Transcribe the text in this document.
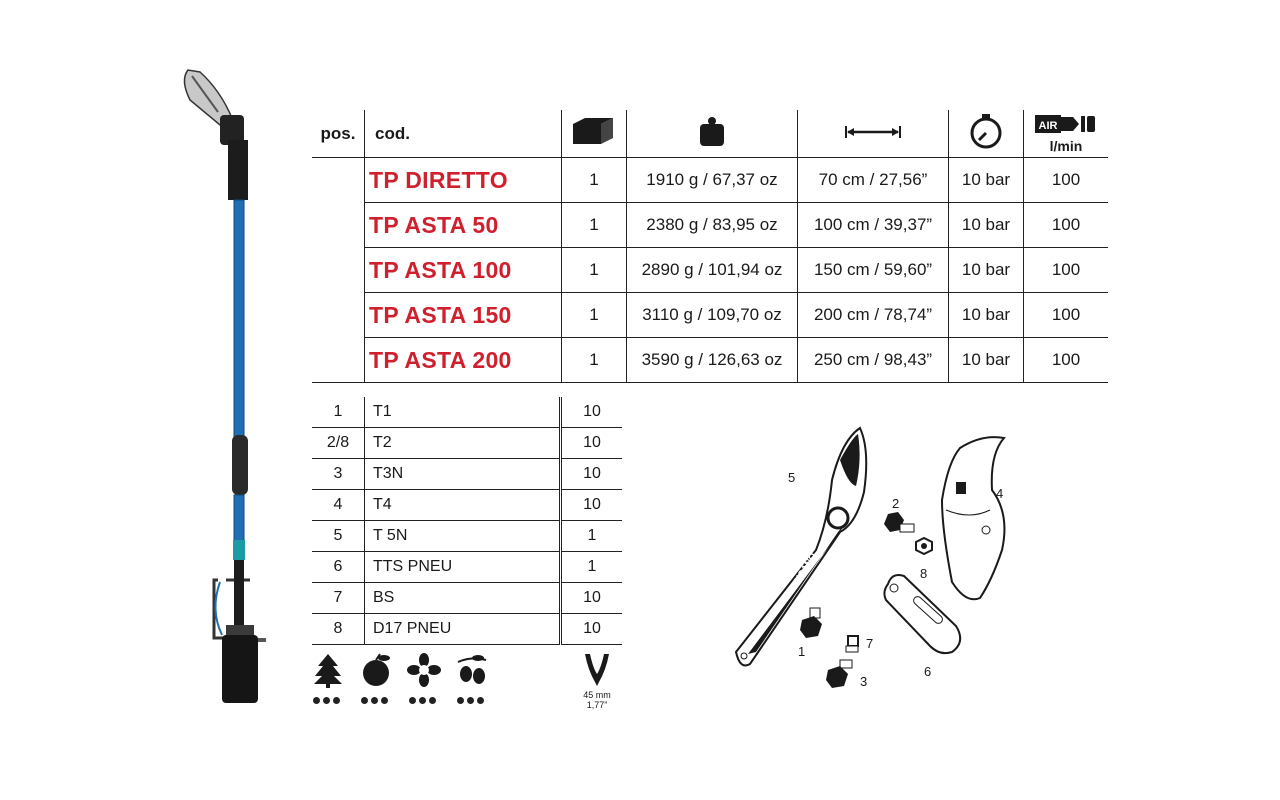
pos.	cod.					AIR
l/min

	TP DIRETTO	1	1910 g / 67,37 oz	70 cm / 27,56”	10 bar	100
	TP ASTA 50	1	2380 g / 83,95 oz	100 cm / 39,37”	10 bar	100
	TP ASTA 100	1	2890 g / 101,94 oz	150 cm / 59,60”	10 bar	100
	TP ASTA 150	1	3110 g / 109,70 oz	200 cm / 78,74”	10 bar	100
	TP ASTA 200	1	3590 g / 126,63 oz	250 cm / 98,43”	10 bar	100
1	T1	10
2/8	T2	10
3	T3N	10
4	T4	10
5	T 5N	1
6	TTS PNEU	1
7	BS	10
8	D17 PNEU	10
45 mm
1,77”
TUCANO
5
2
8
4
1
7
3
6
